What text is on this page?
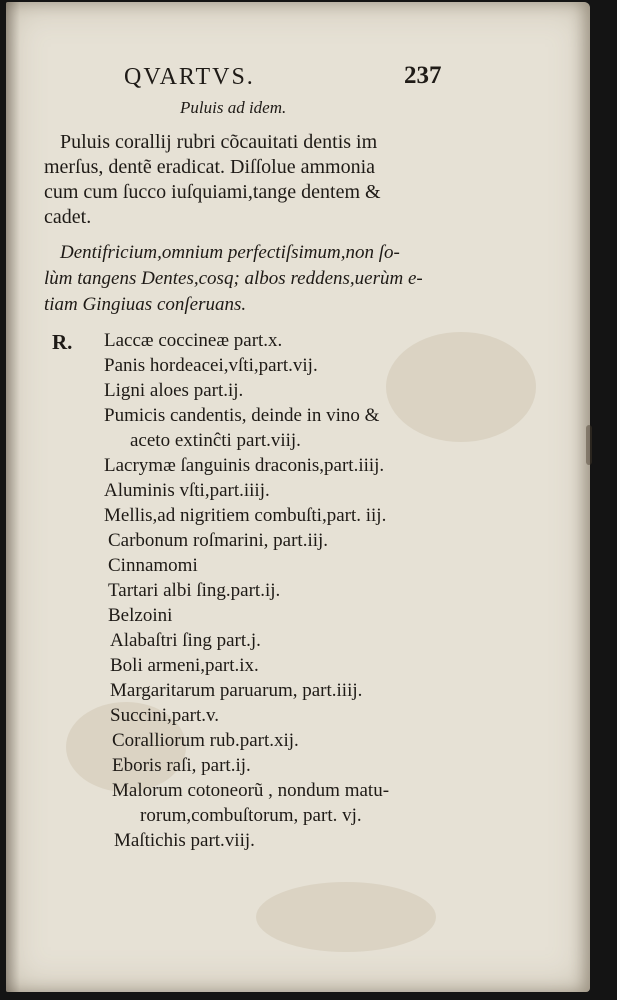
QVARTVS.	237
Puluis ad idem.
Puluis corallij rubri cõcauitati dentis im
merſus, dentẽ eradicat. Diſſolue ammonia
cum cum ſucco iuſquiami,tange dentem &
cadet.
Dentifricium,omnium perfectiſsimum,non ſo-
lùm tangens Dentes,cosq; albos reddens,uerùm e-
tiam Gingiuas conſeruans.
R. Laccæ coccineæ part.x.
Panis hordeacei,vſti,part.vij.
Ligni aloes part.ij.
Pumicis candentis, deinde in vino &
aceto extinĉti part.viij.
Lacrymæ ſanguinis draconis,part.iiij.
Aluminis vſti,part.iiij.
Mellis,ad nigritiem combuſti,part. iij.
Carbonum roſmarini, part.iij.
Cinnamomi
Tartari albi ſing.part.ij.
Belzoini
Alabaſtri ſing part.j.
Boli armeni,part.ix.
Margaritarum paruarum, part.iiij.
Succini,part.v.
Coralliorum rub.part.xij.
Eboris raſi, part.ij.
Malorum cotoneorũ , nondum matu-
rorum,combuſtorum, part. vj.
Maſtichis part.viij.
